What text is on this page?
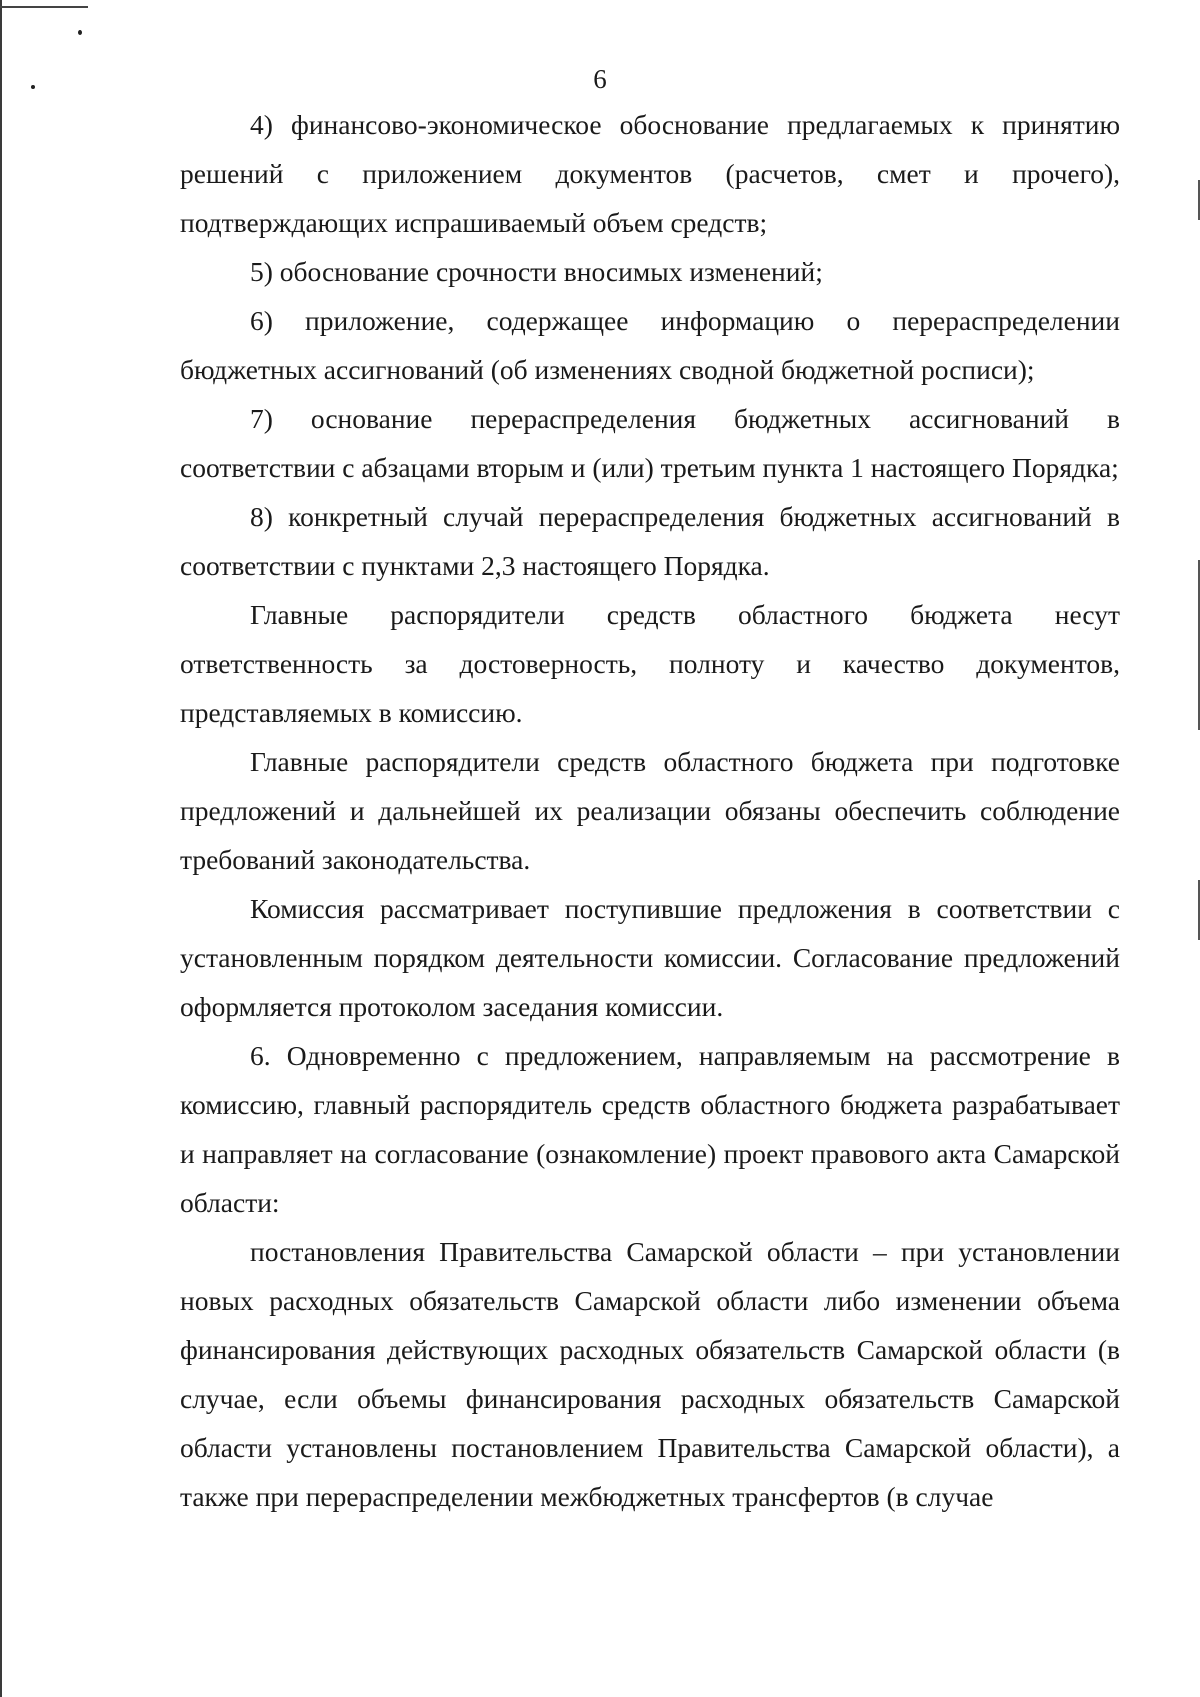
6

4) финансово-экономическое обоснование предлагаемых к принятию решений с приложением документов (расчетов, смет и прочего), подтверждающих испрашиваемый объем средств;

5) обоснование срочности вносимых изменений;

6) приложение, содержащее информацию о перераспределении бюджетных ассигнований (об изменениях сводной бюджетной росписи);

7) основание перераспределения бюджетных ассигнований в соответствии с абзацами вторым и (или) третьим пункта 1 настоящего Порядка;

8) конкретный случай перераспределения бюджетных ассигнований в соответствии с пунктами 2,3 настоящего Порядка.

Главные распорядители средств областного бюджета несут ответственность за достоверность, полноту и качество документов, представляемых в комиссию.

Главные распорядители средств областного бюджета при подготовке предложений и дальнейшей их реализации обязаны обеспечить соблюдение требований законодательства.

Комиссия рассматривает поступившие предложения в соответствии с установленным порядком деятельности комиссии. Согласование предложений оформляется протоколом заседания комиссии.

6. Одновременно с предложением, направляемым на рассмотрение в комиссию, главный распорядитель средств областного бюджета разрабатывает и направляет на согласование (ознакомление) проект правового акта Самарской области:

постановления Правительства Самарской области – при установлении новых расходных обязательств Самарской области либо изменении объема финансирования действующих расходных обязательств Самарской области (в случае, если объемы финансирования расходных обязательств Самарской области установлены постановлением Правительства Самарской области), а также при перераспределении межбюджетных трансфертов (в случае
